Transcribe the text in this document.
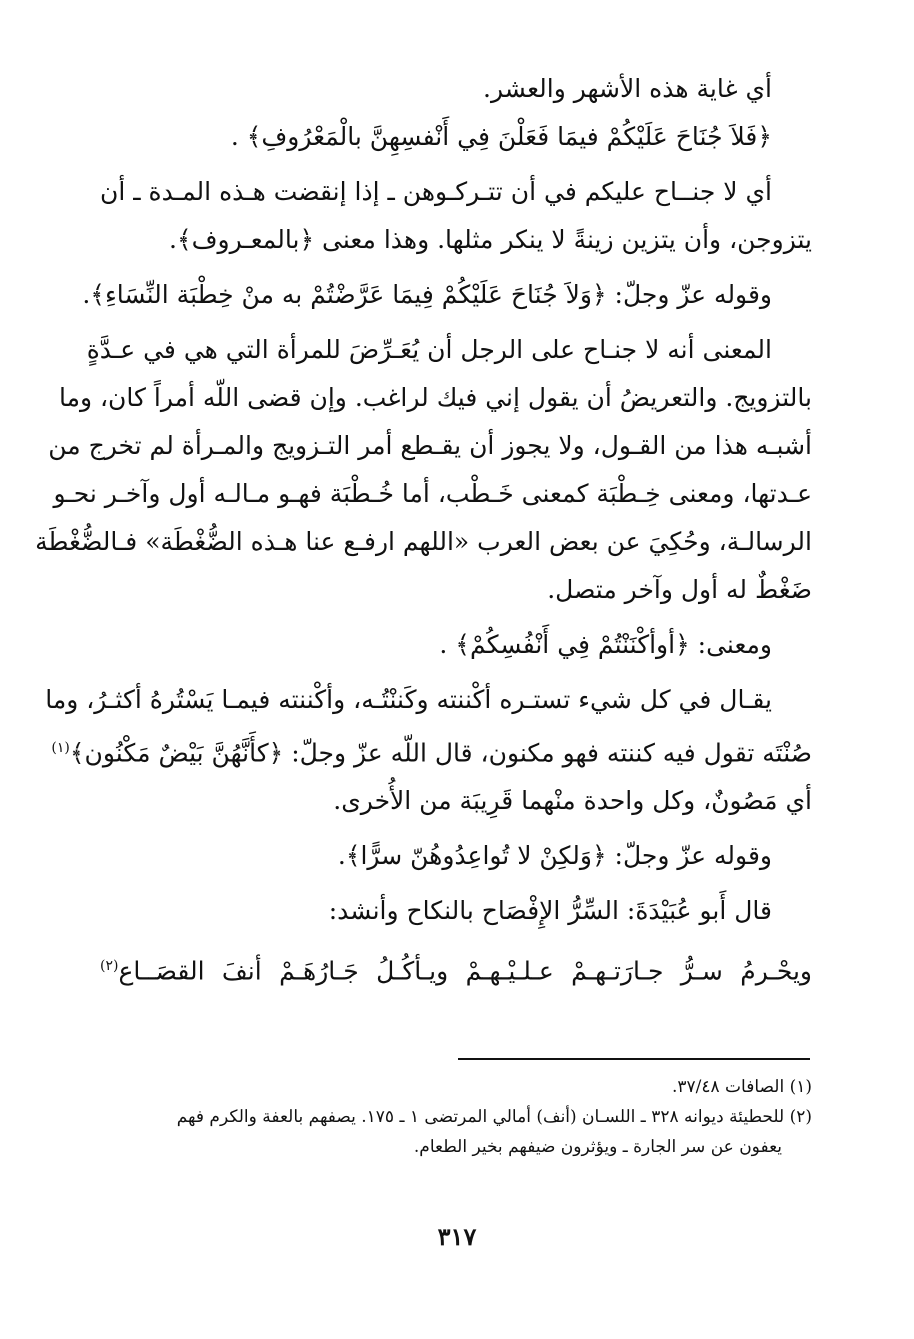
أي غاية هذه الأشهر والعشر.
﴿فَلاَ جُنَاحَ عَلَيْكُمْ فيمَا فَعَلْنَ فِي أَنْفسِهِنَّ بالْمَعْرُوفِ﴾ .
أي لا جنــاح عليكم في أن تتـركـوهن ـ إذا إنقضت هـذه المـدة ـ أن
يتزوجن، وأن يتزين زينةً لا ينكر مثلها. وهذا معنى ﴿بالمعـروف﴾.
وقوله عزّ وجلّ: ﴿وَلاَ جُنَاحَ عَلَيْكُمْ فِيمَا عَرَّضْتُمْ به منْ خِطْبَة النِّسَاءِ﴾.
المعنى أنه لا جنـاح على الرجل أن يُعَـرِّضَ للمرأة التي هي في عـدَّةٍ
بالتزويج. والتعريضُ أن يقول إني فيك لراغب. وإن قضى اللّه أمراً كان، وما
أشبـه هذا من القـول، ولا يجوز أن يقـطع أمر التـزويج والمـرأة لم تخرج من
عـدتها، ومعنى خِـطْبَة كمعنى خَـطْب، أما خُـطْبَة فهـو مـالـه أول وآخـر نحـو
الرسالـة، وحُكِيَ عن بعض العرب «اللهم ارفـع عنا هـذه الضُّغْطَة» فـالضُّغْطَة
ضَغْطٌ له أول وآخر متصل.
ومعنى: ﴿أوأكْنَنْتُمْ فِي أَنْفُسِكُمْ﴾ .
يقـال في كل شيء تستـره أكْننته وكَننْتُـه، وأكْننته فيمـا يَسْتُرهُ أكثـرُ، وما
صُنْتَه تقول فيه كننته فهو مكنون، قال اللّه عزّ وجلّ: ﴿كأَنَّهُنَّ بَيْضٌ مَكْنُون﴾$^{(١)}$
أي مَصُونٌ، وكل واحدة منْهما قَرِيبَة من الأُخرى.
وقوله عزّ وجلّ: ﴿وَلكِنْ لا تُواعِدُوهُنّ سرًّا﴾.
قال أَبو عُبَيْدَةَ: السِّرُّ الإِفْصَاح بالنكاح وأنشد:
ويحْـرمُ سـرُّ جـارَتـهـمْ عـلـيْـهـمْ ويـأكُـلُ جَـارُهَـمْ أنفَ القصَــاع$^{(٢)}$
(١) الصافات ٣٧/٤٨.
(٢) للحطيئة ديوانه ٣٢٨ ـ اللسـان (أنف) أمالي المرتضى ١ ـ ١٧٥. يصفهم بالعفة والكرم فهم
يعفون عن سر الجارة ـ ويؤثرون ضيفهم بخير الطعام.
٣١٧
